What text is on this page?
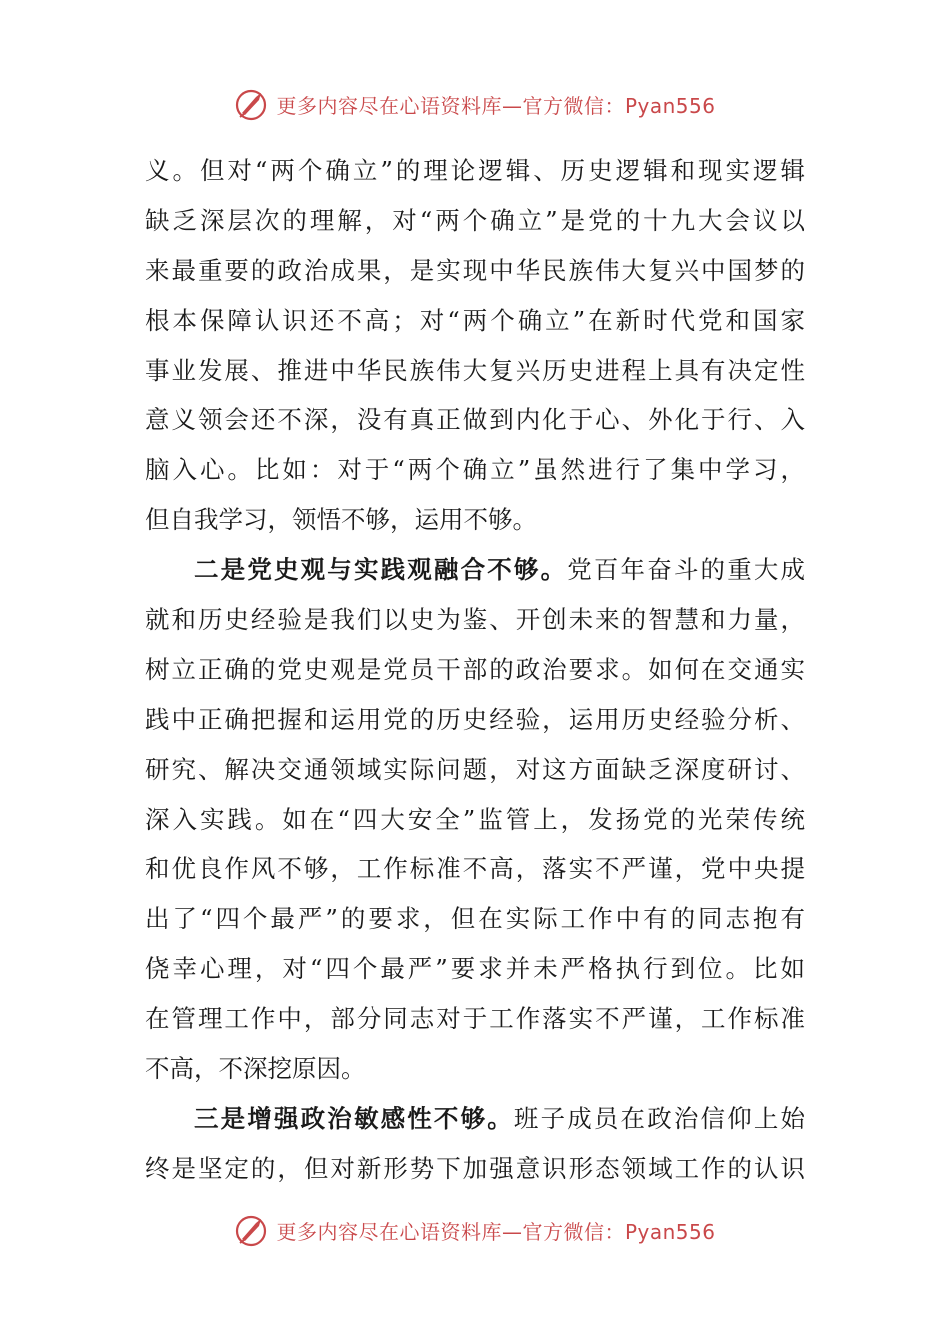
更多内容尽在心语资料库—官方微信：Pyan556
义。但对“两个确立”的理论逻辑、历史逻辑和现实逻辑
缺乏深层次的理解，对“两个确立”是党的十九大会议以
来最重要的政治成果，是实现中华民族伟大复兴中国梦的
根本保障认识还不高；对“两个确立”在新时代党和国家
事业发展、推进中华民族伟大复兴历史进程上具有决定性
意义领会还不深，没有真正做到内化于心、外化于行、入
脑入心。比如：对于“两个确立”虽然进行了集中学习，
但自我学习，领悟不够，运用不够。
二是党史观与实践观融合不够。党百年奋斗的重大成
就和历史经验是我们以史为鉴、开创未来的智慧和力量，
树立正确的党史观是党员干部的政治要求。如何在交通实
践中正确把握和运用党的历史经验，运用历史经验分析、
研究、解决交通领域实际问题，对这方面缺乏深度研讨、
深入实践。如在“四大安全”监管上，发扬党的光荣传统
和优良作风不够，工作标准不高，落实不严谨，党中央提
出了“四个最严”的要求，但在实际工作中有的同志抱有
侥幸心理，对“四个最严”要求并未严格执行到位。比如
在管理工作中，部分同志对于工作落实不严谨，工作标准
不高，不深挖原因。
三是增强政治敏感性不够。班子成员在政治信仰上始
终是坚定的，但对新形势下加强意识形态领域工作的认识
更多内容尽在心语资料库—官方微信：Pyan556
